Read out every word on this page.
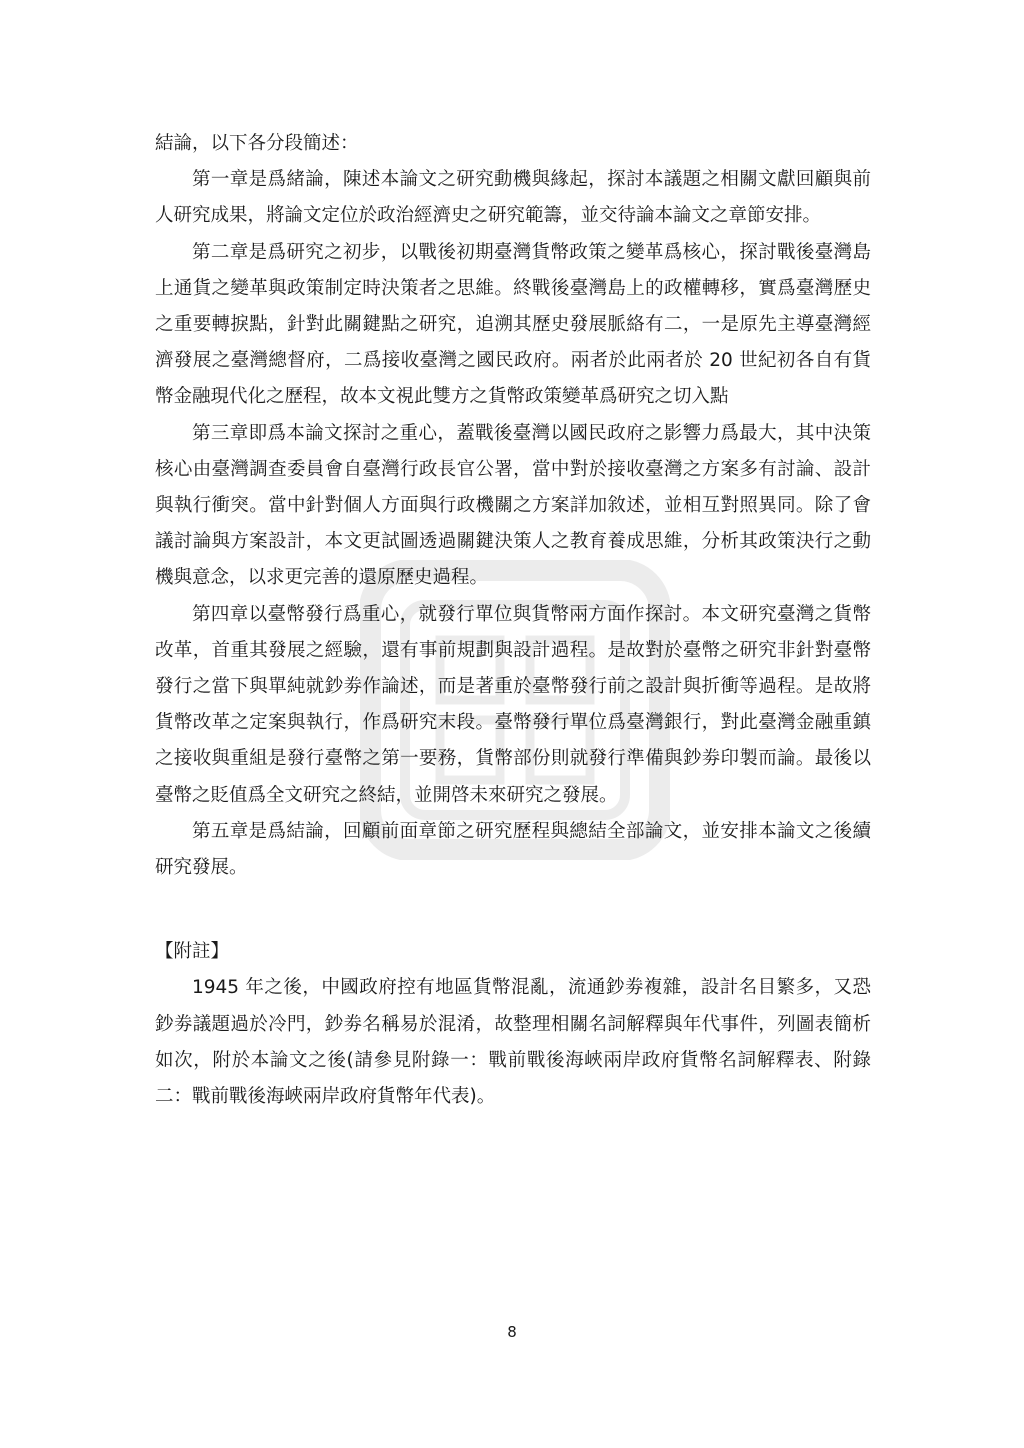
結論，以下各分段簡述：

第一章是爲緒論，陳述本論文之研究動機與緣起，探討本議題之相關文獻回顧與前人研究成果，將論文定位於政治經濟史之研究範籌，並交待論本論文之章節安排。

第二章是爲研究之初步，以戰後初期臺灣貨幣政策之變革爲核心，探討戰後臺灣島上通貨之變革與政策制定時決策者之思維。終戰後臺灣島上的政權轉移，實爲臺灣歷史之重要轉捩點，針對此關鍵點之研究，追溯其歷史發展脈絡有二，一是原先主導臺灣經濟發展之臺灣總督府，二爲接收臺灣之國民政府。兩者於此兩者於 20 世紀初各自有貨幣金融現代化之歷程，故本文視此雙方之貨幣政策變革爲研究之切入點

第三章即爲本論文探討之重心，蓋戰後臺灣以國民政府之影響力爲最大，其中決策核心由臺灣調查委員會自臺灣行政長官公署，當中對於接收臺灣之方案多有討論、設計與執行衝突。當中針對個人方面與行政機關之方案詳加敘述，並相互對照異同。除了會議討論與方案設計，本文更試圖透過關鍵決策人之教育養成思維，分析其政策決行之動機與意念，以求更完善的還原歷史過程。

第四章以臺幣發行爲重心，就發行單位與貨幣兩方面作探討。本文研究臺灣之貨幣改革，首重其發展之經驗，還有事前規劃與設計過程。是故對於臺幣之研究非針對臺幣發行之當下與單純就鈔劵作論述，而是著重於臺幣發行前之設計與折衝等過程。是故將貨幣改革之定案與執行，作爲研究末段。臺幣發行單位爲臺灣銀行，對此臺灣金融重鎮之接收與重組是發行臺幣之第一要務，貨幣部份則就發行準備與鈔劵印製而論。最後以臺幣之貶值爲全文研究之終結，並開啓未來研究之發展。

第五章是爲結論，回顧前面章節之研究歷程與總結全部論文，並安排本論文之後續研究發展。

【附註】

1945 年之後，中國政府控有地區貨幣混亂，流通鈔劵複雜，設計名目繁多，又恐鈔劵議題過於冷門，鈔劵名稱易於混淆，故整理相關名詞解釋與年代事件，列圖表簡析如次，附於本論文之後(請參見附錄一：戰前戰後海峽兩岸政府貨幣名詞解釋表、附錄二：戰前戰後海峽兩岸政府貨幣年代表)。

8
